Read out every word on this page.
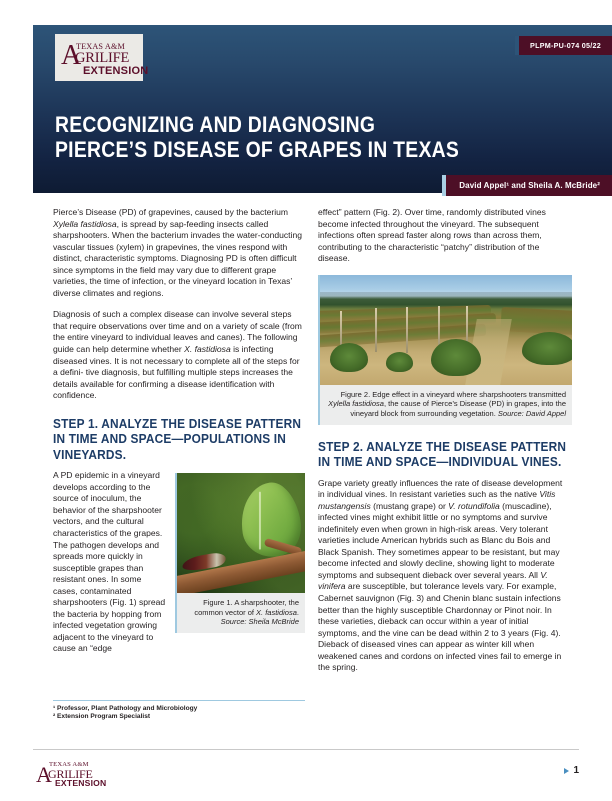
A
TEXAS A&M
GRILIFE
EXTENSION
PLPM-PU-074 05/22
RECOGNIZING AND DIAGNOSING
PIERCE’S DISEASE OF GRAPES IN TEXAS
David Appel¹ and Sheila A. McBride²

Pierce’s Disease (PD) of grapevines, caused by the bacterium Xylella fastidiosa, is spread by sap-feeding insects called sharpshooters. When the bacterium invades the water-conducting vascular tissues (xylem) in grapevines, the vines respond with distinct, characteristic symptoms. Diagnosing PD is often difficult since symptoms in the field may vary due to different grape varieties, the time of infection, or the vineyard location in Texas’ diverse climates and regions.

Diagnosis of such a complex disease can involve several steps that require observations over time and on a variety of scale (from the entire vineyard to individual leaves and canes). The following guide can help determine whether X. fastidiosa is infecting diseased vines. It is not necessary to complete all of the steps for a defini- tive diagnosis, but fulfilling multiple steps increases the details available for confirming a disease identification with confidence.

STEP 1. ANALYZE THE DISEASE PATTERN IN TIME AND SPACE—POPULATIONS IN VINEYARDS.
Figure 1. A sharpshooter, the common vector of X. fastidiosa. Source: Sheila McBride

A PD epidemic in a vineyard develops according to the source of inoculum, the behavior of the sharpshooter vectors, and the cultural characteristics of the grapes. The pathogen develops and spreads more quickly in susceptible grapes than resistant ones. In some cases, contaminated sharpshooters (Fig. 1) spread the bacteria by hopping from infected vegetation growing adjacent to the vineyard to cause an “edge

¹ Professor, Plant Pathology and Microbiology

² Extension Program Specialist

effect” pattern (Fig. 2). Over time, randomly distributed vines become infected throughout the vineyard. The subsequent infections often spread faster along rows than across them, contributing to the characteristic “patchy” distribution of the disease.

Figure 2. Edge effect in a vineyard where sharpshooters transmitted Xylella fastidiosa, the cause of Pierce’s Disease (PD) in grapes, into the vineyard block from surrounding vegetation. Source: David Appel
STEP 2. ANALYZE THE DISEASE PATTERN IN TIME AND SPACE—INDIVIDUAL VINES.

Grape variety greatly influences the rate of disease development in individual vines. In resistant varieties such as the native Vitis mustangensis (mustang grape) or V. rotundifolia (muscadine), infected vines might exhibit little or no symptoms and survive indefinitely even when grown in high-risk areas. Very tolerant varieties include American hybrids such as Blanc du Bois and Black Spanish. They sometimes appear to be resistant, but may become infected and slowly decline, showing light to moderate symptoms and subsequent dieback over several years. All V. vinifera are susceptible, but tolerance levels vary. For example, Cabernet sauvignon (Fig. 3) and Chenin blanc sustain infections better than the highly susceptible Chardonnay or Pinot noir. In these varieties, dieback can occur within a year of initial symptoms, and the vine can be dead within 2 to 3 years (Fig. 4). Dieback of diseased vines can appear as winter kill when weakened canes and cordons on infected vines fail to emerge in the spring.

A
TEXAS A&M
GRILIFE
EXTENSION
1
